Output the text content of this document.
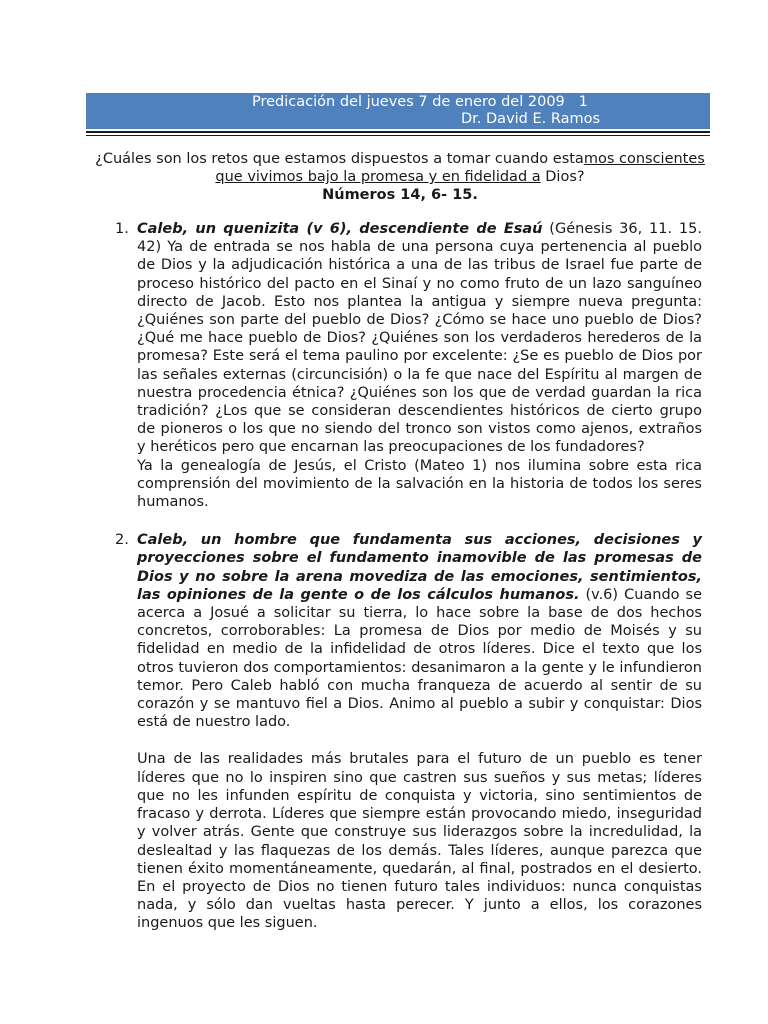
Predicación del jueves 7 de enero del 2009 1
Dr. David E. Ramos
¿Cuáles son los retos que estamos dispuestos a tomar cuando estamos conscientes que vivimos bajo la promesa y en fidelidad a Dios?
Números 14, 6- 15.
1. Caleb, un quenizita (v 6), descendiente de Esaú (Génesis 36, 11. 15. 42) Ya de entrada se nos habla de una persona cuya pertenencia al pueblo de Dios y la adjudicación histórica a una de las tribus de Israel fue parte de proceso histórico del pacto en el Sinaí y no como fruto de un lazo sanguíneo directo de Jacob. Esto nos plantea la antigua y siempre nueva pregunta: ¿Quiénes son parte del pueblo de Dios? ¿Cómo se hace uno pueblo de Dios? ¿Qué me hace pueblo de Dios? ¿Quiénes son los verdaderos herederos de la promesa? Este será el tema paulino por excelente: ¿Se es pueblo de Dios por las señales externas (circuncisión) o la fe que nace del Espíritu al margen de nuestra procedencia étnica? ¿Quiénes son los que de verdad guardan la rica tradición? ¿Los que se consideran descendientes históricos de cierto grupo de pioneros o los que no siendo del tronco son vistos como ajenos, extraños y heréticos pero que encarnan las preocupaciones de los fundadores?

Ya la genealogía de Jesús, el Cristo (Mateo 1) nos ilumina sobre esta rica comprensión del movimiento de la salvación en la historia de todos los seres humanos.

2. Caleb, un hombre que fundamenta sus acciones, decisiones y proyecciones sobre el fundamento inamovible de las promesas de Dios y no sobre la arena movediza de las emociones, sentimientos, las opiniones de la gente o de los cálculos humanos. (v.6) Cuando se acerca a Josué a solicitar su tierra, lo hace sobre la base de dos hechos concretos, corroborables: La promesa de Dios por medio de Moisés y su fidelidad en medio de la infidelidad de otros líderes. Dice el texto que los otros tuvieron dos comportamientos: desanimaron a la gente y le infundieron temor. Pero Caleb habló con mucha franqueza de acuerdo al sentir de su corazón y se mantuvo fiel a Dios. Animo al pueblo a subir y conquistar: Dios está de nuestro lado.

Una de las realidades más brutales para el futuro de un pueblo es tener líderes que no lo inspiren sino que castren sus sueños y sus metas; líderes que no les infunden espíritu de conquista y victoria, sino sentimientos de fracaso y derrota. Líderes que siempre están provocando miedo, inseguridad y volver atrás. Gente que construye sus liderazgos sobre la incredulidad, la deslealtad y las flaquezas de los demás. Tales líderes, aunque parezca que tienen éxito momentáneamente, quedarán, al final, postrados en el desierto. En el proyecto de Dios no tienen futuro tales individuos: nunca conquistas nada, y sólo dan vueltas hasta perecer. Y junto a ellos, los corazones ingenuos que les siguen.
